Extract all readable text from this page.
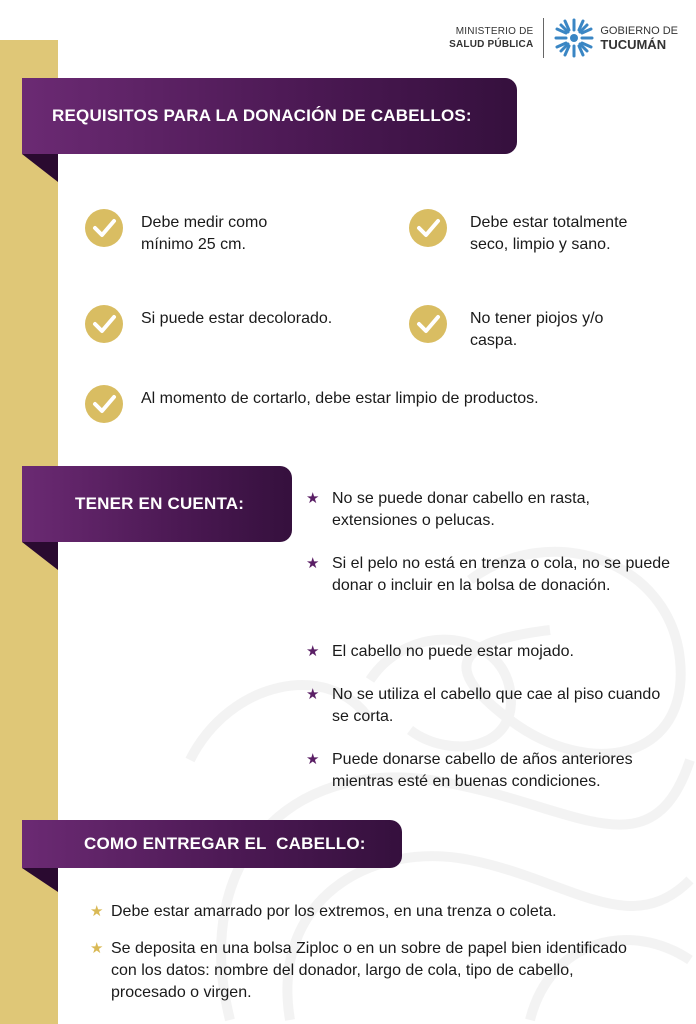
MINISTERIO DE
SALUD PÚBLICA
GOBIERNO DE
TUCUMÁN
REQUISITOS PARA LA DONACIÓN DE CABELLOS:
Debe medir como mínimo 25 cm.
Debe estar totalmente seco, limpio y sano.
Si puede estar decolorado.	No tener piojos y/o caspa.
Al momento de cortarlo, debe estar limpio de productos.
TENER EN CUENTA:	★ No se puede donar cabello en rasta, extensiones o pelucas.
★ Si el pelo no está en trenza o cola, no se puede donar o incluir en la bolsa de donación.
★ El cabello no puede estar mojado.
★ No se utiliza el cabello que cae al piso cuando se corta.
★ Puede donarse cabello de años anteriores mientras esté en buenas condiciones.
COMO ENTREGAR EL  CABELLO:
★ Debe estar amarrado por los extremos, en una trenza o coleta.
★ Se deposita en una bolsa Ziploc o en un sobre de papel bien identificado con los datos: nombre del donador, largo de cola, tipo de cabello, procesado o virgen.
